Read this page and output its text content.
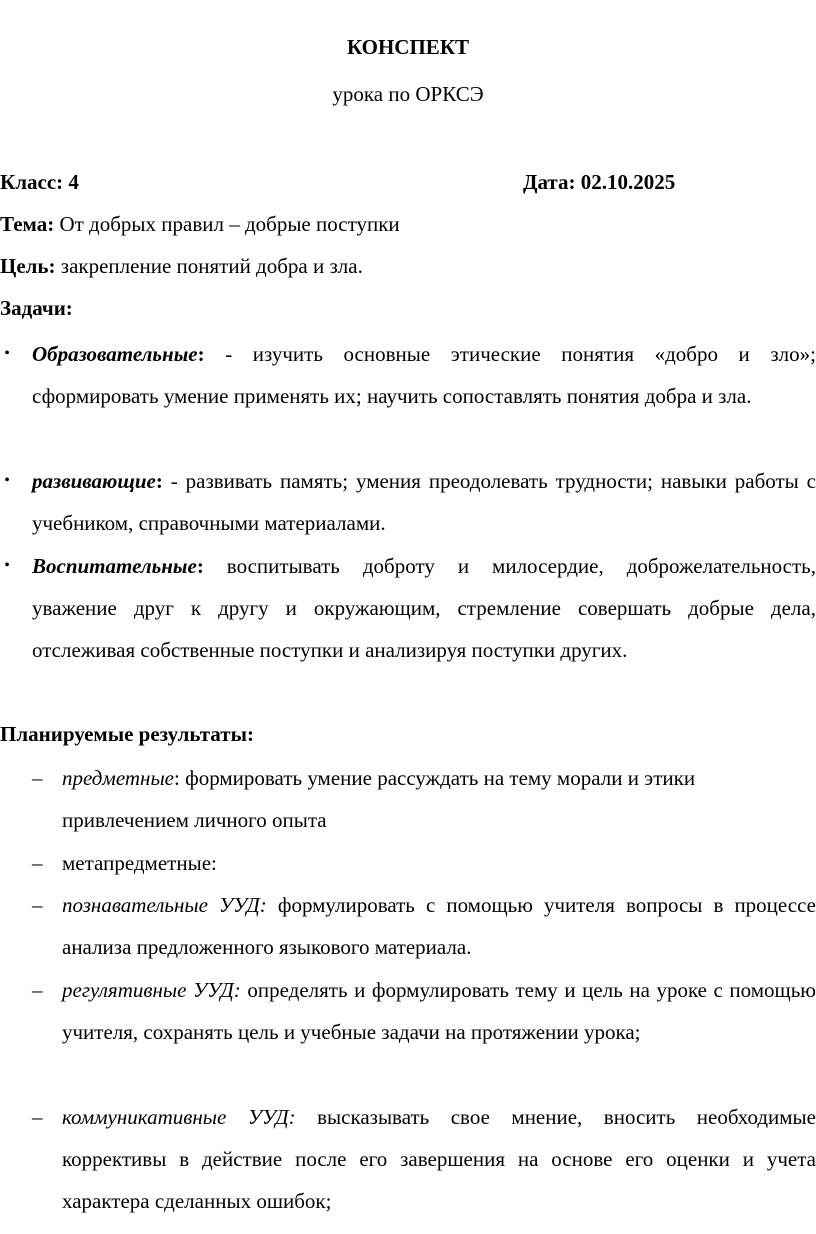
КОНСПЕКТ
урока по ОРКСЭ
Класс: 4	Дата: 02.10.2025
Тема: От добрых правил – добрые поступки
Цель: закрепление понятий добра и зла.
Задачи:
• Образовательные: - изучить основные этические понятия «добро и зло»; сформировать умение применять их; научить сопоставлять понятия добра и зла.
• развивающие: - развивать память; умения преодолевать трудности; навыки работы с учебником, справочными материалами.
• Воспитательные: воспитывать доброту и милосердие, доброжелательность, уважение друг к другу и окружающим, стремление совершать добрые дела, отслеживая собственные поступки и анализируя поступки других.
Планируемые результаты:
– предметные: формировать умение рассуждать на тему морали и этики привлечением личного опыта
– метапредметные:
– познавательные УУД: формулировать с помощью учителя вопросы в процессе анализа предложенного языкового материала.
– регулятивные УУД: определять и формулировать тему и цель на уроке с помощью учителя, сохранять цель и учебные задачи на протяжении урока;
– коммуникативные УУД: высказывать свое мнение, вносить необходимые коррективы в действие после его завершения на основе его оценки и учета характера сделанных ошибок;
